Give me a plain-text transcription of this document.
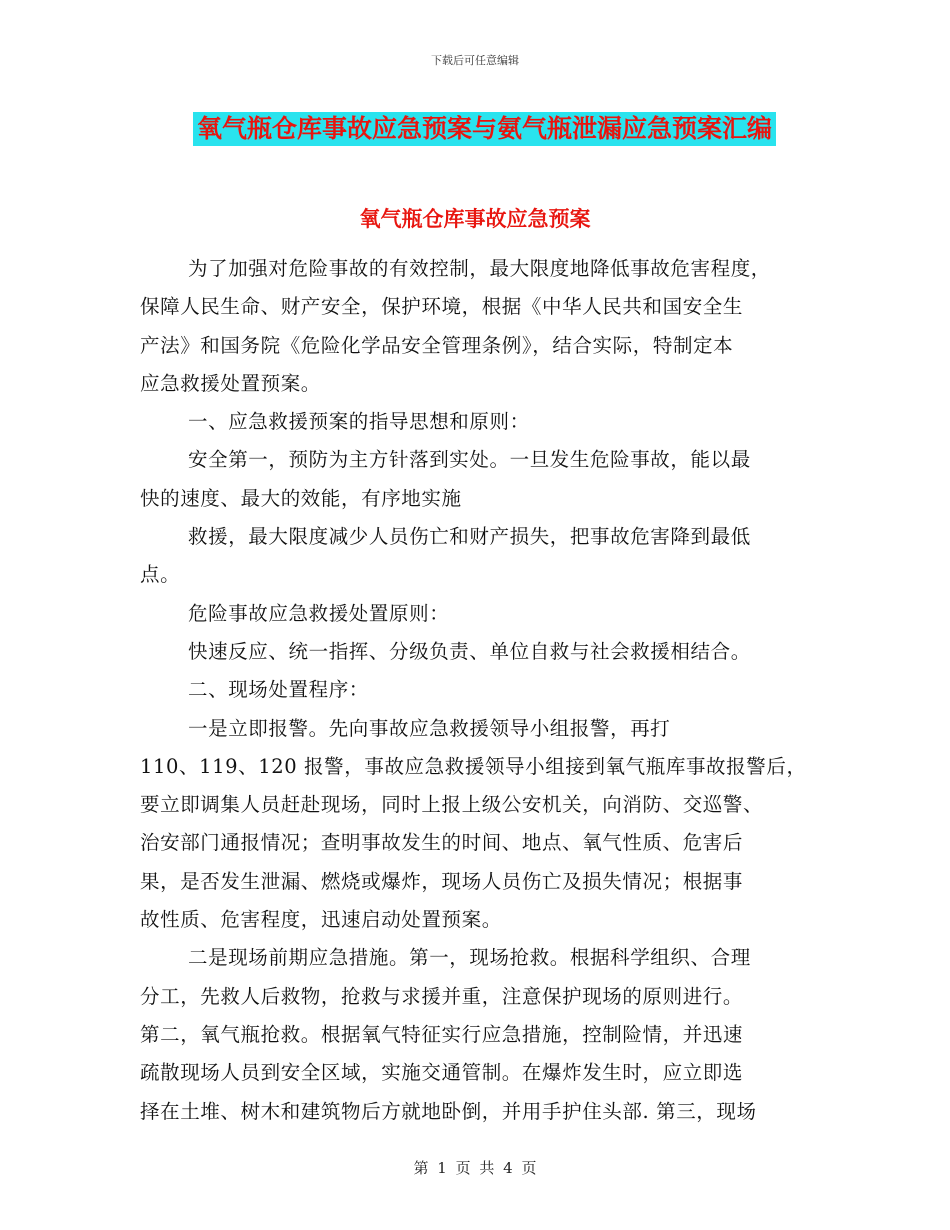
下载后可任意编辑
氧气瓶仓库事故应急预案与氨气瓶泄漏应急预案汇编
氧气瓶仓库事故应急预案
为了加强对危险事故的有效控制，最大限度地降低事故危害程度，
保障人民生命、财产安全，保护环境，根据《中华人民共和国安全生
产法》和国务院《危险化学品安全管理条例》，结合实际，特制定本
应急救援处置预案。
一、应急救援预案的指导思想和原则：
安全第一，预防为主方针落到实处。一旦发生危险事故，能以最
快的速度、最大的效能，有序地实施
救援，最大限度减少人员伤亡和财产损失，把事故危害降到最低
点。
危险事故应急救援处置原则：
快速反应、统一指挥、分级负责、单位自救与社会救援相结合。
二、现场处置程序：
一是立即报警。先向事故应急救援领导小组报警，再打
110、119、120 报警，事故应急救援领导小组接到氧气瓶库事故报警后，
要立即调集人员赶赴现场，同时上报上级公安机关，向消防、交巡警、
治安部门通报情况；查明事故发生的时间、地点、氧气性质、危害后
果，是否发生泄漏、燃烧或爆炸，现场人员伤亡及损失情况；根据事
故性质、危害程度，迅速启动处置预案。
二是现场前期应急措施。第一，现场抢救。根据科学组织、合理
分工，先救人后救物，抢救与求援并重，注意保护现场的原则进行。
第二，氧气瓶抢救。根据氧气特征实行应急措施，控制险情，并迅速
疏散现场人员到安全区域，实施交通管制。在爆炸发生时，应立即选
择在土堆、树木和建筑物后方就地卧倒，并用手护住头部. 第三，现场
第 1 页 共 4 页
